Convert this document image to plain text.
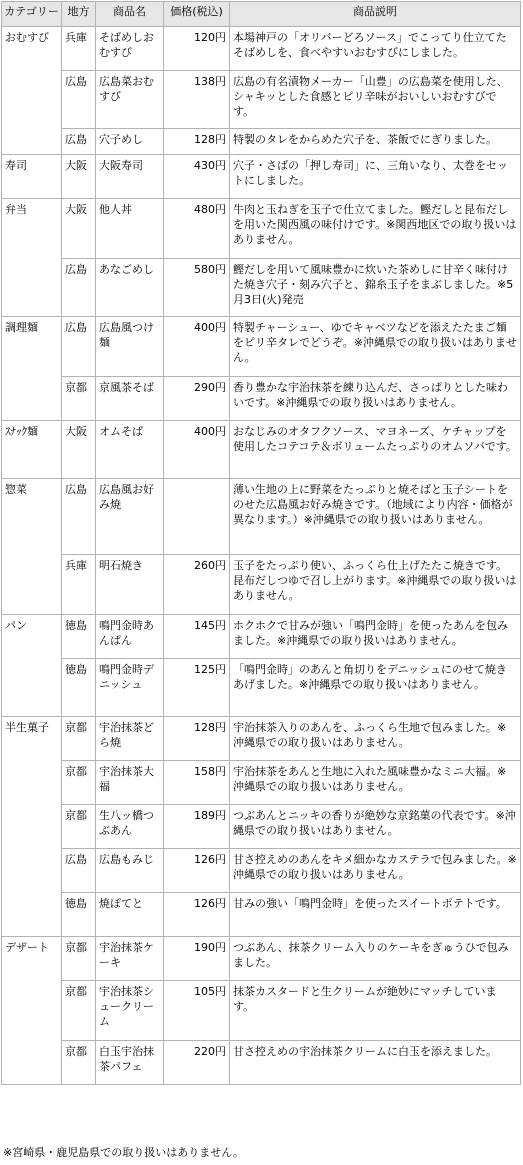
カテゴリー	地方	商品名	価格(税込)	商品説明
おむすび	兵庫	そばめしおむすび	120円	本場神戸の「オリバーどろソース」でこってり仕立てたそばめしを、食べやすいおむすびにしました。
	広島	広島菜おむすび	138円	広島の有名漬物メーカー「山豊」の広島菜を使用した、シャキッとした食感とピリ辛味がおいしいおむすびです。
	広島	穴子めし	128円	特製のタレをからめた穴子を、茶飯でにぎりました。
寿司	大阪	大阪寿司	430円	穴子・さばの「押し寿司」に、三角いなり、太巻をセットにしました。
弁当	大阪	他人丼	480円	牛肉と玉ねぎを玉子で仕立てました。鰹だしと昆布だしを用いた関西風の味付けです。※関西地区での取り扱いはありません。
	広島	あなごめし	580円	鰹だしを用いて風味豊かに炊いた茶めしに甘辛く味付けた焼き穴子・刻み穴子と、錦糸玉子をまぶしました。※5月3日(火)発売
調理麺	広島	広島風つけ麺	400円	特製チャーシュー、ゆでキャベツなどを添えたたまご麺をピリ辛タレでどうぞ。※沖縄県での取り扱いはありません。
	京都	京風茶そば	290円	香り豊かな宇治抹茶を練り込んだ、さっぱりとした味わいです。※沖縄県での取り扱いはありません。
ｽﾅｯｸ麺	大阪	オムそば	400円	おなじみのオタフクソース、マヨネーズ、ケチャップを使用したコテコテ＆ボリュームたっぷりのオムソバです。
惣菜	広島	広島風お好み焼		薄い生地の上に野菜をたっぷりと焼そばと玉子シートをのせた広島風お好み焼きです。（地域により内容・価格が異なります。）※沖縄県での取り扱いはありません。
	兵庫	明石焼き	260円	玉子をたっぷり使い、ふっくら仕上げたたこ焼きです。昆布だしつゆで召し上がります。※沖縄県での取り扱いはありません。
パン	徳島	鳴門金時あんぱん	145円	ホクホクで甘みが強い「鳴門金時」を使ったあんを包みました。※沖縄県での取り扱いはありません。
	徳島	鳴門金時デニッシュ	125円	「鳴門金時」のあんと角切りをデニッシュにのせて焼きあげました。※沖縄県での取り扱いはありません。
半生菓子	京都	宇治抹茶どら焼	128円	宇治抹茶入りのあんを、ふっくら生地で包みました。※沖縄県での取り扱いはありません。
	京都	宇治抹茶大福	158円	宇治抹茶をあんと生地に入れた風味豊かなミニ大福。※沖縄県での取り扱いはありません。
	京都	生八ッ橋つぶあん	189円	つぶあんとニッキの香りが絶妙な京銘菓の代表です。※沖縄県での取り扱いはありません。
	広島	広島もみじ	126円	甘さ控えめのあんをキメ細かなカステラで包みました。※沖縄県での取り扱いはありません。
	徳島	焼ぽてと	126円	甘みの強い「鳴門金時」を使ったスイートポテトです。
デザート	京都	宇治抹茶ケーキ	190円	つぶあん、抹茶クリーム入りのケーキをぎゅうひで包みました。
	京都	宇治抹茶シュークリーム	105円	抹茶カスタードと生クリームが絶妙にマッチしています。
	京都	白玉宇治抹茶パフェ	220円	甘さ控えめの宇治抹茶クリームに白玉を添えました。
※宮崎県・鹿児島県での取り扱いはありません。
